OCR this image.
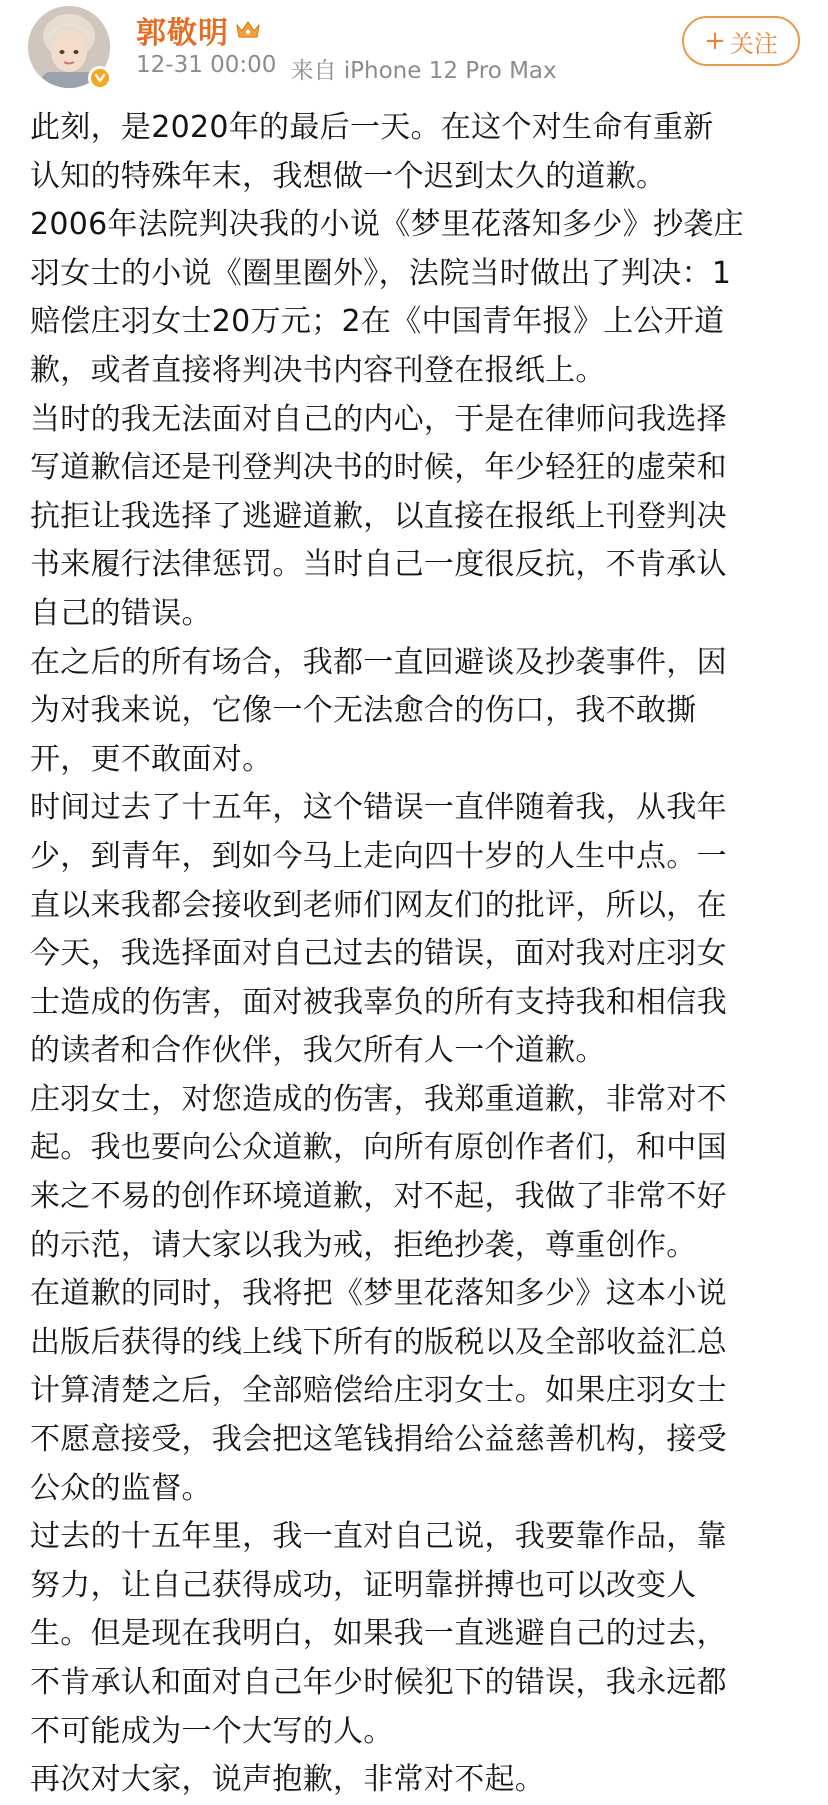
郭敬明
12-31 00:00 来自 iPhone 12 Pro Max
+ 关注
此刻，是2020年的最后一天。在这个对生命有重新
认知的特殊年末，我想做一个迟到太久的道歉。
2006年法院判决我的小说《梦里花落知多少》抄袭庄
羽女士的小说《圈里圈外》，法院当时做出了判决：1
赔偿庄羽女士20万元；2在《中国青年报》上公开道
歉，或者直接将判决书内容刊登在报纸上。
当时的我无法面对自己的内心，于是在律师问我选择
写道歉信还是刊登判决书的时候，年少轻狂的虚荣和
抗拒让我选择了逃避道歉，以直接在报纸上刊登判决
书来履行法律惩罚。当时自己一度很反抗，不肯承认
自己的错误。
在之后的所有场合，我都一直回避谈及抄袭事件，因
为对我来说，它像一个无法愈合的伤口，我不敢撕
开，更不敢面对。
时间过去了十五年，这个错误一直伴随着我，从我年
少，到青年，到如今马上走向四十岁的人生中点。一
直以来我都会接收到老师们网友们的批评，所以，在
今天，我选择面对自己过去的错误，面对我对庄羽女
士造成的伤害，面对被我辜负的所有支持我和相信我
的读者和合作伙伴，我欠所有人一个道歉。
庄羽女士，对您造成的伤害，我郑重道歉，非常对不
起。我也要向公众道歉，向所有原创作者们，和中国
来之不易的创作环境道歉，对不起，我做了非常不好
的示范，请大家以我为戒，拒绝抄袭，尊重创作。
在道歉的同时，我将把《梦里花落知多少》这本小说
出版后获得的线上线下所有的版税以及全部收益汇总
计算清楚之后，全部赔偿给庄羽女士。如果庄羽女士
不愿意接受，我会把这笔钱捐给公益慈善机构，接受
公众的监督。
过去的十五年里，我一直对自己说，我要靠作品，靠
努力，让自己获得成功，证明靠拼搏也可以改变人
生。但是现在我明白，如果我一直逃避自己的过去，
不肯承认和面对自己年少时候犯下的错误，我永远都
不可能成为一个大写的人。
再次对大家，说声抱歉，非常对不起。
